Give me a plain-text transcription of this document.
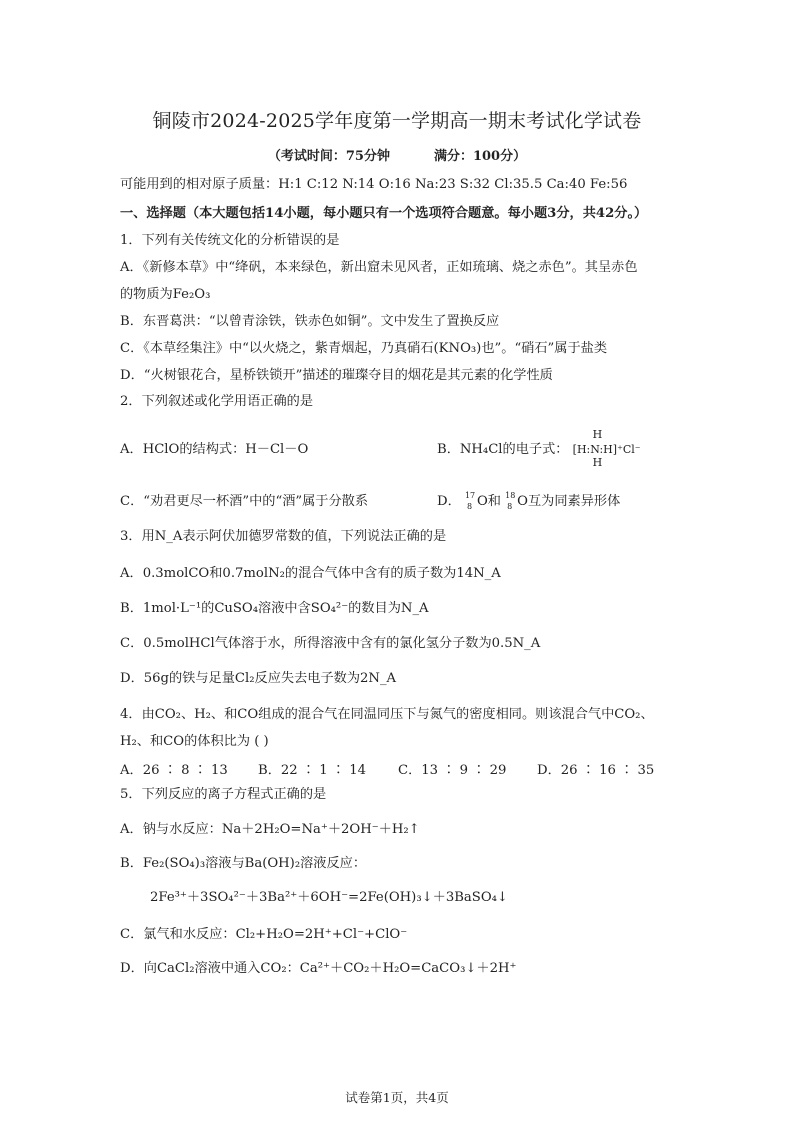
铜陵市2024-2025学年度第一学期高一期末考试化学试卷
（考试时间：75分钟	满分：100分）
可能用到的相对原子质量：H:1 C:12 N:14 O:16 Na:23 S:32 Cl:35.5 Ca:40 Fe:56
一、选择题（本大题包括14小题，每小题只有一个选项符合题意。每小题3分，共42分。）
1．下列有关传统文化的分析错误的是
A．《新修本草》中“绛矾，本来绿色，新出窟未见风者，正如琉璃、烧之赤色”。其呈赤色
的物质为Fe₂O₃
B．东晋葛洪：“以曾青涂铁，铁赤色如铜”。文中发生了置换反应
C．《本草经集注》中“以火烧之，紫青烟起，乃真硝石(KNO₃)也”。“硝石”属于盐类
D．“火树银花合，星桥铁锁开”描述的璀璨夺目的烟花是其元素的化学性质
2．下列叙述或化学用语正确的是
A．HClO的结构式：H－Cl－O	B．NH₄Cl的电子式：
H
[H:N:H]⁺Cl⁻
H
C．“劝君更尽一杯酒”中的“酒”属于分散系	D． 17
8 O和 18
8 O互为同素异形体
3．用N_A表示阿伏加德罗常数的值，下列说法正确的是
A．0.3molCO和0.7molN₂的混合气体中含有的质子数为14N_A
B．1mol·L⁻¹的CuSO₄溶液中含SO₄²⁻的数目为N_A
C．0.5molHCl气体溶于水，所得溶液中含有的氯化氢分子数为0.5N_A
D．56g的铁与足量Cl₂反应失去电子数为2N_A
4．由CO₂、H₂、和CO组成的混合气在同温同压下与氮气的密度相同。则该混合气中CO₂、
H₂、和CO的体积比为 ( )
A．26 ∶ 8 ∶ 13 B．22 ∶ 1 ∶ 14 C．13 ∶ 9 ∶ 29 D．26 ∶ 16 ∶ 35
5．下列反应的离子方程式正确的是
A．钠与水反应：Na＋2H₂O=Na⁺＋2OH⁻＋H₂↑
B．Fe₂(SO₄)₃溶液与Ba(OH)₂溶液反应：
2Fe³⁺＋3SO₄²⁻＋3Ba²⁺＋6OH⁻=2Fe(OH)₃↓＋3BaSO₄↓
C．氯气和水反应：Cl₂+H₂O=2H⁺+Cl⁻+ClO⁻
D．向CaCl₂溶液中通入CO₂：Ca²⁺＋CO₂＋H₂O=CaCO₃↓＋2H⁺
试卷第1页，共4页
